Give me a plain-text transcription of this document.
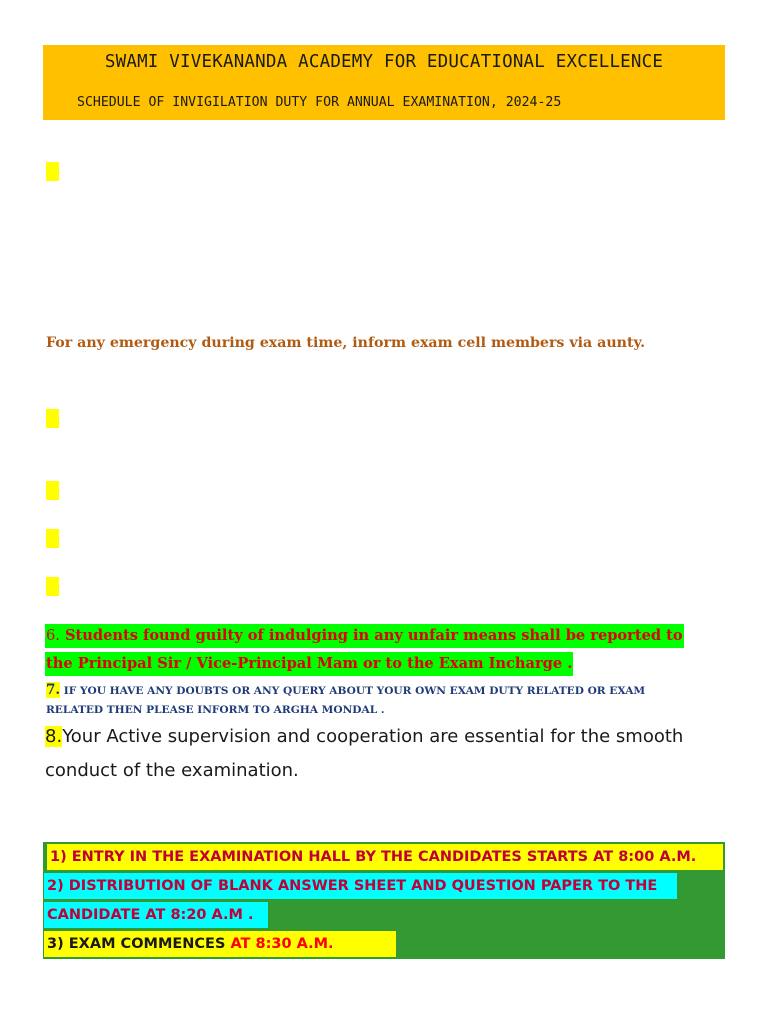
SWAMI VIVEKANANDA ACADEMY FOR EDUCATIONAL EXCELLENCE
SCHEDULE OF INVIGILATION DUTY FOR ANNUAL EXAMINATION, 2024-25
For any emergency during exam time, inform exam cell members via aunty.
6. Students found guilty of indulging in any unfair means shall be reported to
the Principal Sir / Vice-Principal Mam or to the Exam Incharge .
7. IF YOU HAVE ANY DOUBTS OR ANY QUERY ABOUT YOUR OWN EXAM DUTY RELATED OR EXAM
RELATED THEN PLEASE INFORM TO ARGHA MONDAL .
8.Your Active supervision and cooperation are essential for the smooth
conduct of the examination.
1) ENTRY IN THE EXAMINATION HALL BY THE CANDIDATES STARTS AT 8:00 A.M.
2) DISTRIBUTION OF BLANK ANSWER SHEET AND QUESTION PAPER TO THE
CANDIDATE AT 8:20 A.M .
3) EXAM COMMENCES AT 8:30 A.M.
